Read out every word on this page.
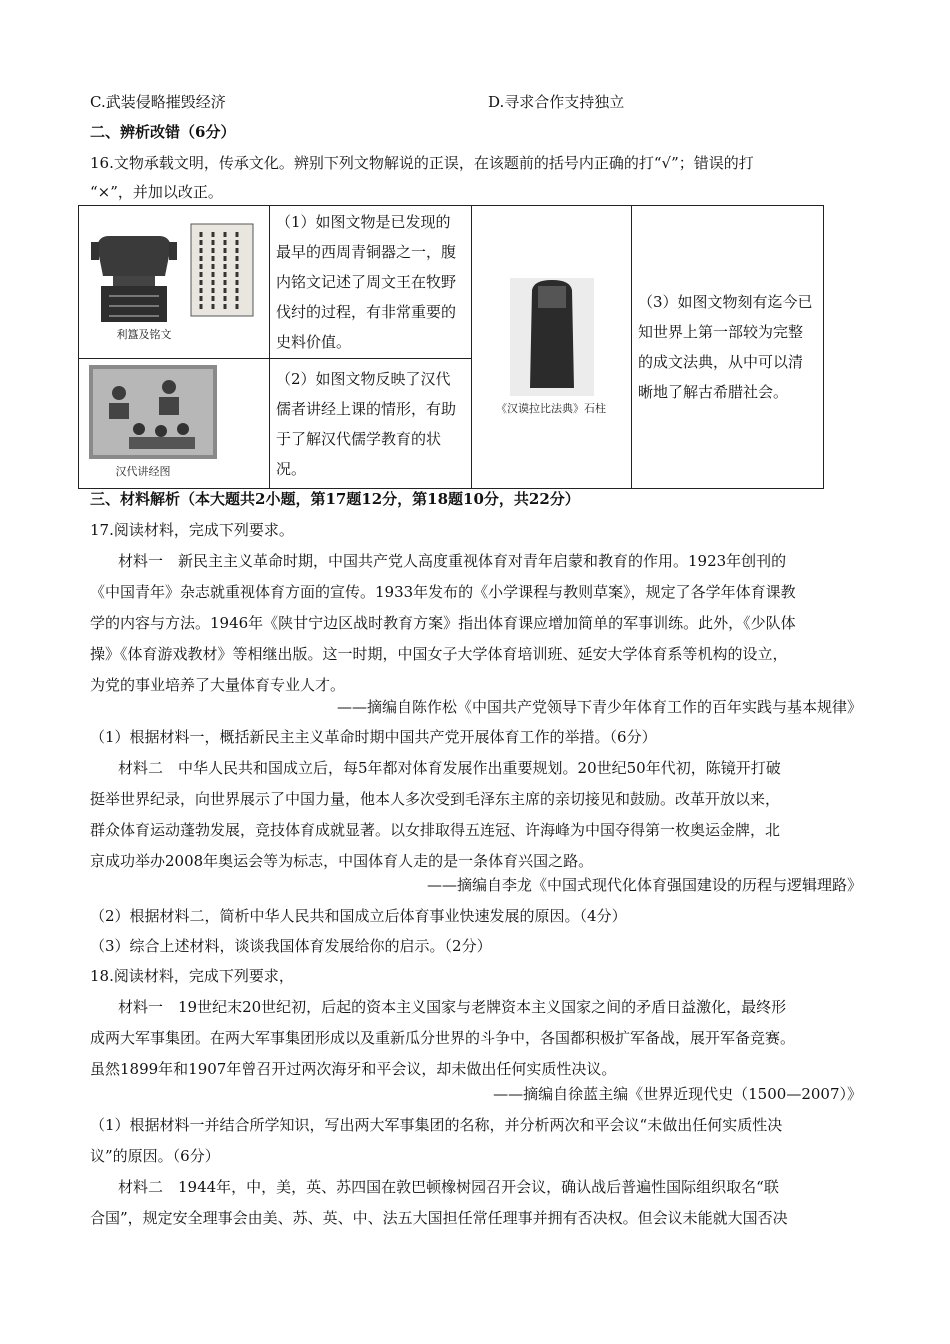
C.武装侵略摧毁经济	D.寻求合作支持独立
二、辨析改错（6分）
16.文物承载文明，传承文化。辨别下列文物解说的正误，在该题前的括号内正确的打“√”；错误的打
“×”，并加以改正。
利簋及铭文	（1）如图文物是已发现的最早的西周青铜器之一，腹内铭文记述了周文王在牧野伐纣的过程，有非常重要的史料价值。	《汉谟拉比法典》石柱	（3）如图文物刻有迄今已知世界上第一部较为完整的成文法典，从中可以清晰地了解古希腊社会。

汉代讲经图	（2）如图文物反映了汉代儒者讲经上课的情形，有助于了解汉代儒学教育的状况。		
三、材料解析（本大题共2小题，第17题12分，第18题10分，共22分）
17.阅读材料，完成下列要求。
材料一　新民主主义革命时期，中国共产党人高度重视体育对青年启蒙和教育的作用。1923年创刊的
《中国青年》杂志就重视体育方面的宣传。1933年发布的《小学课程与教则草案》，规定了各学年体育课教
学的内容与方法。1946年《陕甘宁边区战时教育方案》指出体育课应增加简单的军事训练。此外，《少队体
操》《体育游戏教材》等相继出版。这一时期，中国女子大学体育培训班、延安大学体育系等机构的设立，
为党的事业培养了大量体育专业人才。
——摘编自陈作松《中国共产党领导下青少年体育工作的百年实践与基本规律》
（1）根据材料一，概括新民主主义革命时期中国共产党开展体育工作的举措。（6分）
材料二　中华人民共和国成立后，每5年都对体育发展作出重要规划。20世纪50年代初，陈镜开打破
挺举世界纪录，向世界展示了中国力量，他本人多次受到毛泽东主席的亲切接见和鼓励。改革开放以来，
群众体育运动蓬勃发展，竞技体育成就显著。以女排取得五连冠、许海峰为中国夺得第一枚奥运金牌，北
京成功举办2008年奥运会等为标志，中国体育人走的是一条体育兴国之路。
——摘编自李龙《中国式现代化体育强国建设的历程与逻辑理路》
（2）根据材料二，简析中华人民共和国成立后体育事业快速发展的原因。（4分）
（3）综合上述材料，谈谈我国体育发展给你的启示。（2分）
18.阅读材料，完成下列要求，
材料一　19世纪末20世纪初，后起的资本主义国家与老牌资本主义国家之间的矛盾日益激化，最终形
成两大军事集团。在两大军事集团形成以及重新瓜分世界的斗争中，各国都积极扩军备战，展开军备竞赛。
虽然1899年和1907年曾召开过两次海牙和平会议，却未做出任何实质性决议。
——摘编自徐蓝主编《世界近现代史（1500—2007）》
（1）根据材料一并结合所学知识，写出两大军事集团的名称，并分析两次和平会议“未做出任何实质性决
议”的原因。（6分）
材料二　1944年，中，美，英、苏四国在敦巴顿橡树园召开会议，确认战后普遍性国际组织取名“联
合国”，规定安全理事会由美、苏、英、中、法五大国担任常任理事并拥有否决权。但会议未能就大国否决
